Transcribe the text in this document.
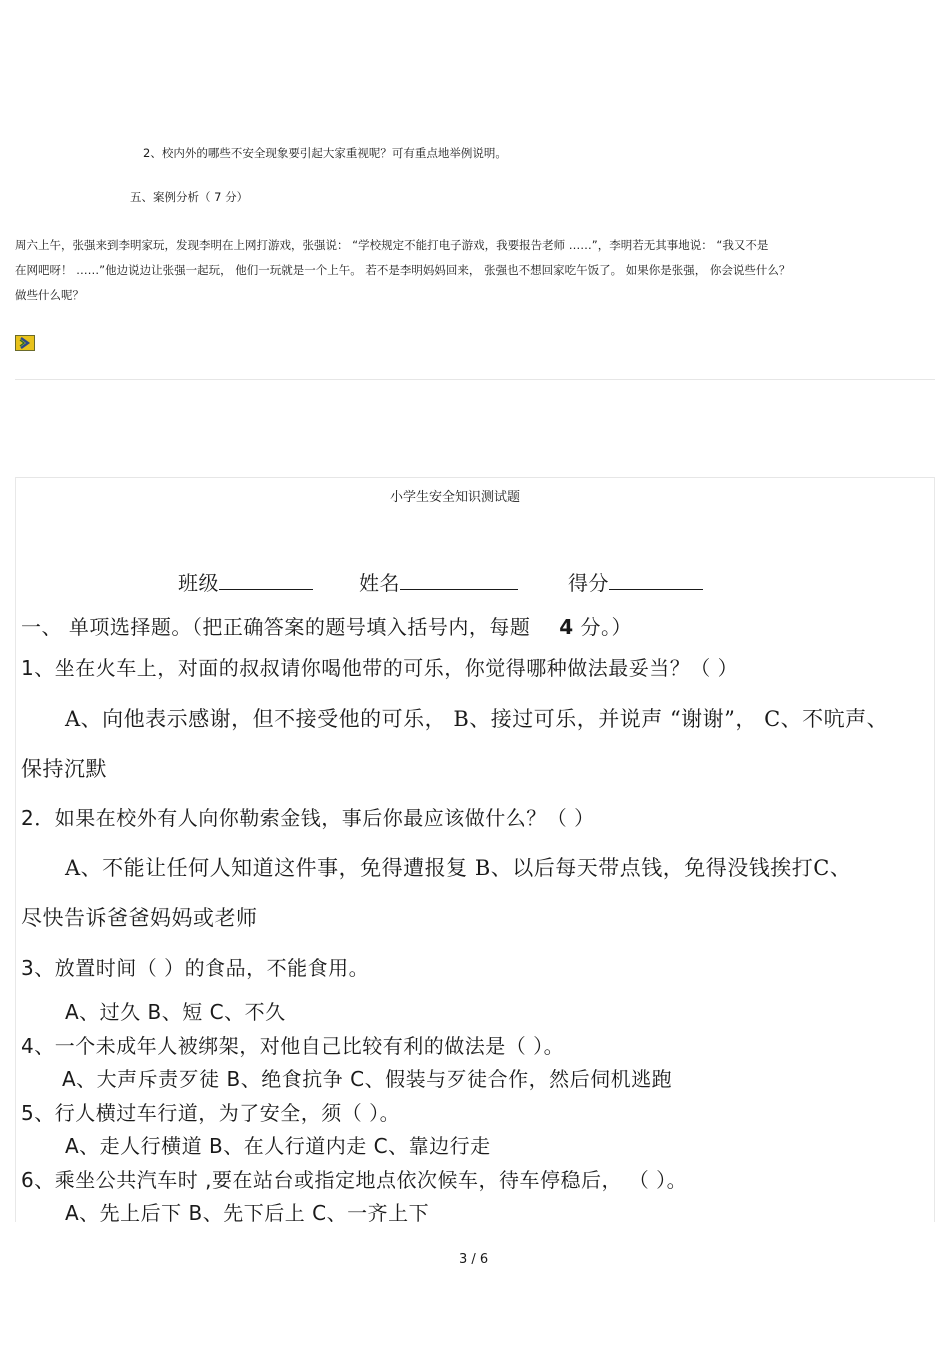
2、校内外的哪些不安全现象要引起大家重视呢？可有重点地举例说明。
五、案例分析（ 7 分）
周六上午，张强来到李明家玩，发现李明在上网打游戏，张强说： “学校规定不能打电子游戏，我要报告老师 ……”，李明若无其事地说： “我又不是
在网吧呀！ ……”他边说边让张强一起玩， 他们一玩就是一个上午。 若不是李明妈妈回来， 张强也不想回家吃午饭了。 如果你是张强， 你会说些什么？
做些什么呢？
小学生安全知识测试题
班级	姓名	得分
一、 单项选择题。（把正确答案的题号填入括号内，每题 4 分。）
1、坐在火车上，对面的叔叔请你喝他带的可乐，你觉得哪种做法最妥当？（ ）
A、向他表示感谢，但不接受他的可乐， B、接过可乐，并说声 “谢谢”， C、不吭声、
保持沉默
2．如果在校外有人向你勒索金钱，事后你最应该做什么？（ ）
A、不能让任何人知道这件事，免得遭报复 B、以后每天带点钱，免得没钱挨打C、
尽快告诉爸爸妈妈或老师
3、放置时间（ ）的食品，不能食用。
A、过久 B、短 C、不久
4、一个未成年人被绑架，对他自己比较有利的做法是（ ）。
A、大声斥责歹徒 B、绝食抗争 C、假装与歹徒合作，然后伺机逃跑
5、行人横过车行道，为了安全，须（ ）。
A、走人行横道 B、在人行道内走 C、靠边行走
6、乘坐公共汽车时 ,要在站台或指定地点依次候车，待车停稳后， （ ）。
A、先上后下 B、先下后上 C、一齐上下
3 / 6
